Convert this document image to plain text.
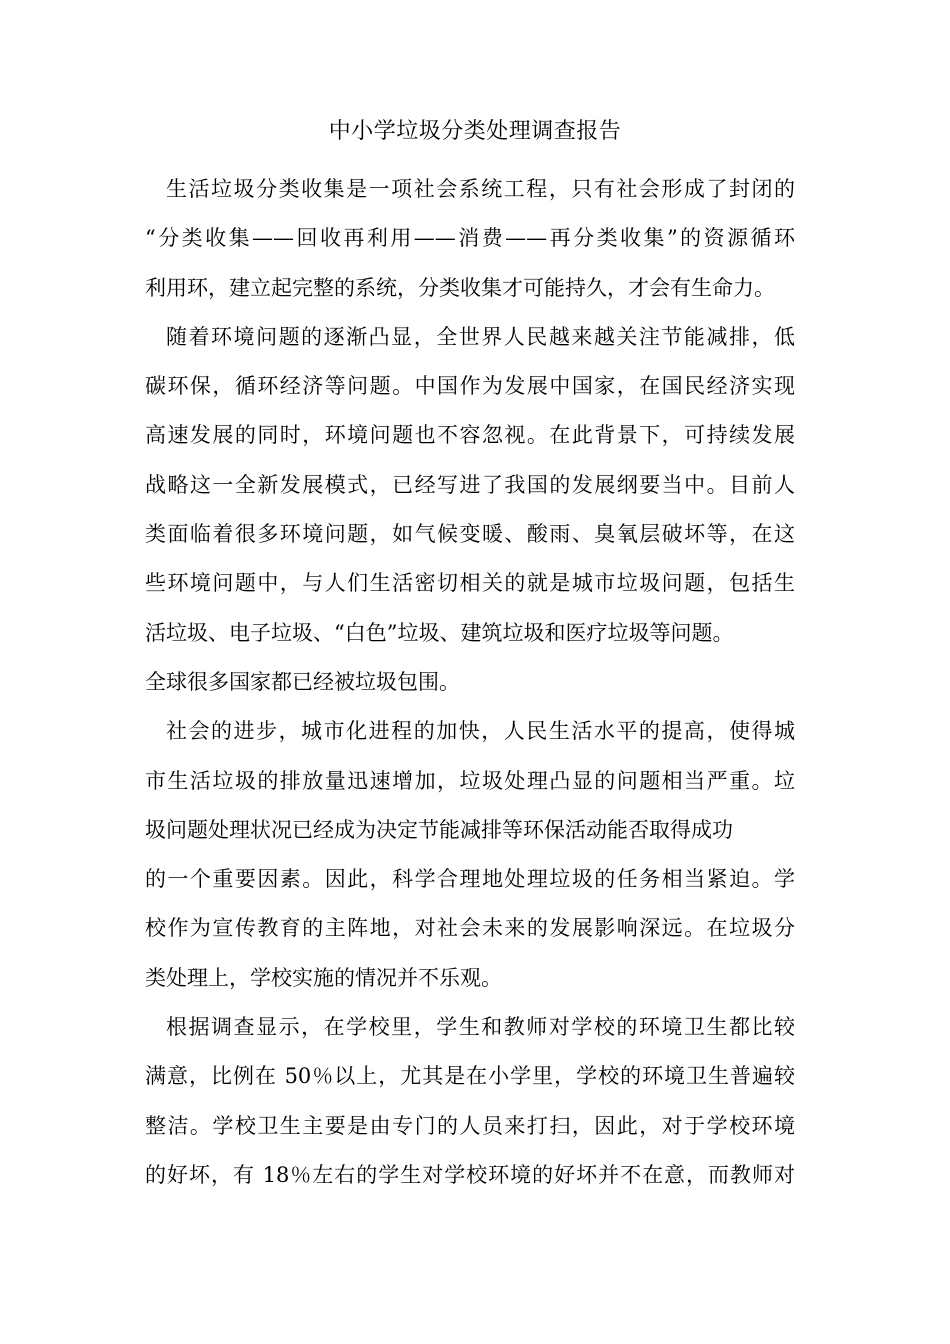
中小学垃圾分类处理调查报告
生活垃圾分类收集是一项社会系统工程，只有社会形成了封闭的
“分类收集——回收再利用——消费——再分类收集”的资源循环
利用环，建立起完整的系统，分类收集才可能持久，才会有生命力。
随着环境问题的逐渐凸显，全世界人民越来越关注节能减排，低
碳环保，循环经济等问题。中国作为发展中国家，在国民经济实现
高速发展的同时，环境问题也不容忽视。在此背景下，可持续发展
战略这一全新发展模式，已经写进了我国的发展纲要当中。目前人
类面临着很多环境问题，如气候变暖、酸雨、臭氧层破坏等，在这
些环境问题中，与人们生活密切相关的就是城市垃圾问题，包括生
活垃圾、电子垃圾、“白色”垃圾、建筑垃圾和医疗垃圾等问题。
全球很多国家都已经被垃圾包围。
社会的进步，城市化进程的加快，人民生活水平的提高，使得城
市生活垃圾的排放量迅速增加，垃圾处理凸显的问题相当严重。垃
圾问题处理状况已经成为决定节能减排等环保活动能否取得成功
的一个重要因素。因此，科学合理地处理垃圾的任务相当紧迫。学
校作为宣传教育的主阵地，对社会未来的发展影响深远。在垃圾分
类处理上，学校实施的情况并不乐观。
根据调查显示，在学校里，学生和教师对学校的环境卫生都比较
满意，比例在 50％以上，尤其是在小学里，学校的环境卫生普遍较
整洁。学校卫生主要是由专门的人员来打扫，因此，对于学校环境
的好坏，有 18％左右的学生对学校环境的好坏并不在意，而教师对
